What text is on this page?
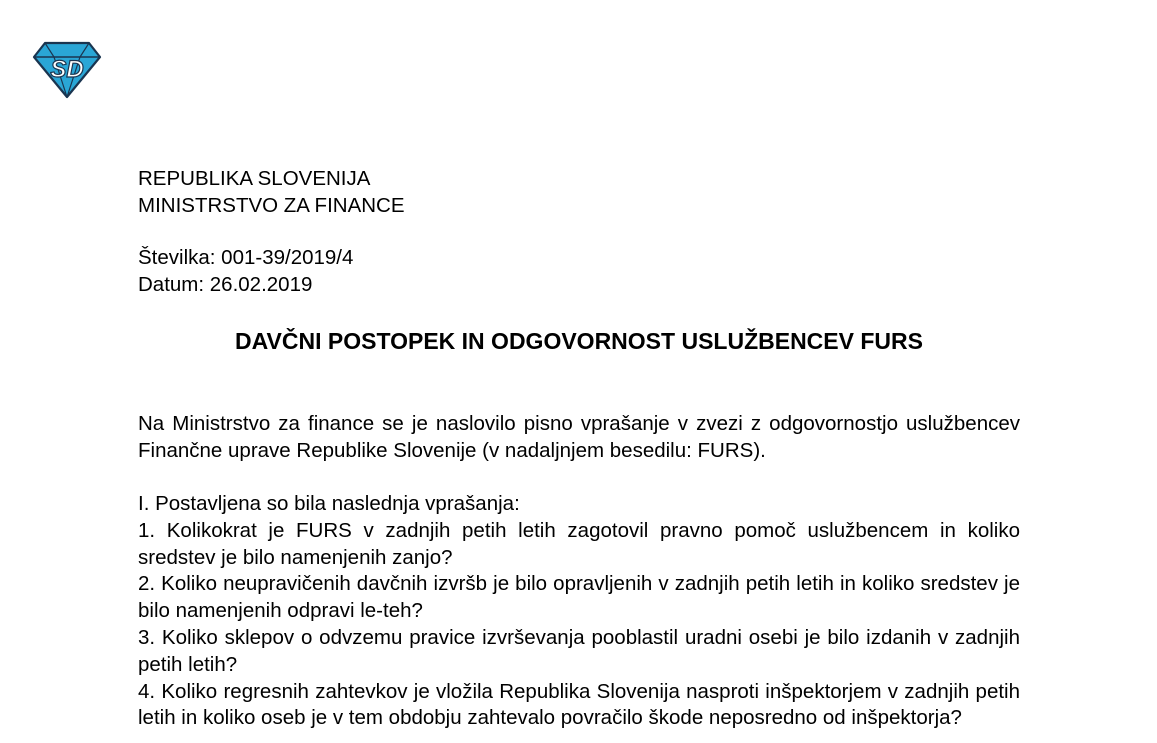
SD
REPUBLIKA SLOVENIJA
MINISTRSTVO ZA FINANCE
Številka: 001-39/2019/4
Datum: 26.02.2019
DAVČNI POSTOPEK IN ODGOVORNOST USLUŽBENCEV FURS

Na Ministrstvo za finance se je naslovilo pisno vprašanje v zvezi z odgovornostjo uslužbencev Finančne uprave Republike Slovenije (v nadaljnjem besedilu: FURS).

I. Postavljena so bila naslednja vprašanja:

1. Kolikokrat je FURS v zadnjih petih letih zagotovil pravno pomoč uslužbencem in koliko sredstev je bilo namenjenih zanjo?

2. Koliko neupravičenih davčnih izvršb je bilo opravljenih v zadnjih petih letih in koliko sredstev je bilo namenjenih odpravi le-teh?

3. Koliko sklepov o odvzemu pravice izvrševanja pooblastil uradni osebi je bilo izdanih v zadnjih petih letih?

4. Koliko regresnih zahtevkov je vložila Republika Slovenija nasproti inšpektorjem v zadnjih petih letih in koliko oseb je v tem obdobju zahtevalo povračilo škode neposredno od inšpektorja?
